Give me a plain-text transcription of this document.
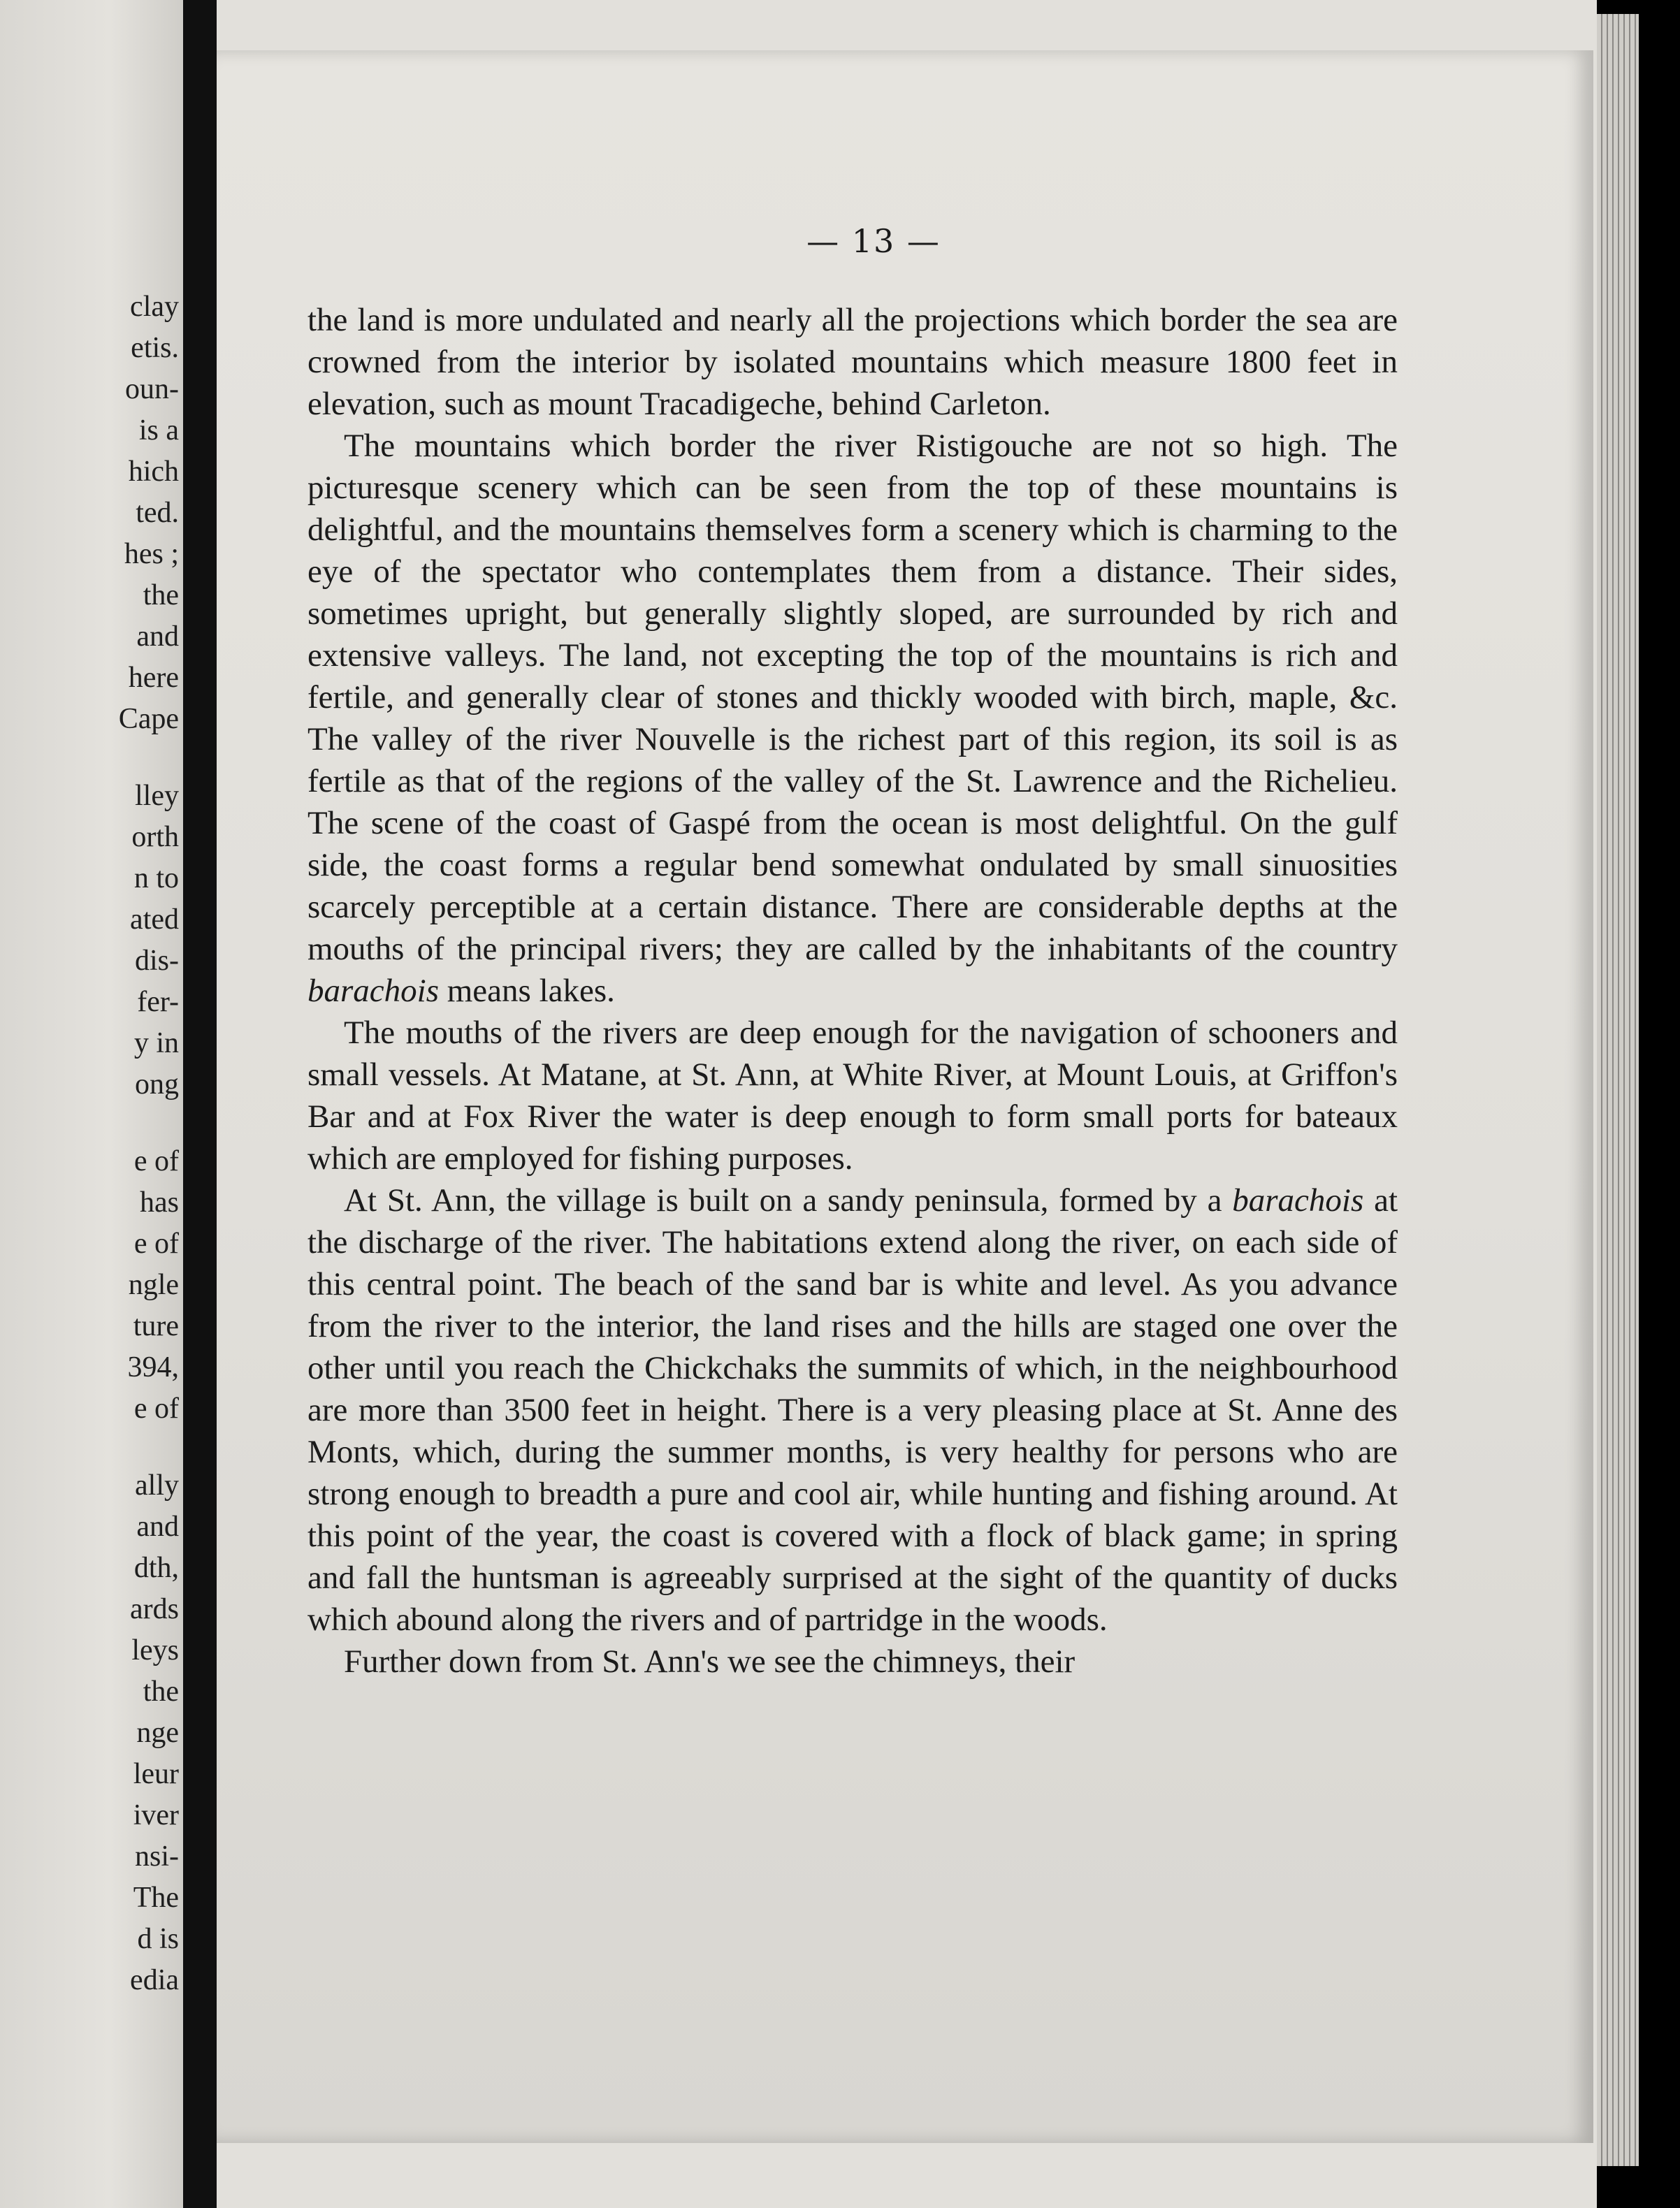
clay
etis.
oun-
is a
hich
ted.
hes ;
the
and
here
Cape
lley
orth
n to
ated
dis-
fer-
y in
ong
e of
has
e of
ngle
ture
394,
e of
ally
and
dth,
ards
leys
the
nge
leur
iver
nsi-
The
d is
edia
— 13 —

the land is more undulated and nearly all the projections which border the sea are crowned from the interior by isolated mountains which measure 1800 feet in elevation, such as mount Tracadigeche, behind Carleton.

The mountains which border the river Ristigouche are not so high. The picturesque scenery which can be seen from the top of these mountains is delightful, and the mountains themselves form a scenery which is charming to the eye of the spectator who contemplates them from a distance. Their sides, sometimes upright, but generally slightly sloped, are surrounded by rich and extensive valleys. The land, not excepting the top of the mountains is rich and fertile, and generally clear of stones and thickly wooded with birch, maple, &c. The valley of the river Nouvelle is the richest part of this region, its soil is as fertile as that of the regions of the valley of the St. Lawrence and the Richelieu. The scene of the coast of Gaspé from the ocean is most delightful. On the gulf side, the coast forms a regular bend somewhat ondulated by small sinuosities scarcely perceptible at a certain distance. There are considerable depths at the mouths of the principal rivers; they are called by the inhabitants of the country barachois means lakes.

The mouths of the rivers are deep enough for the navigation of schooners and small vessels. At Matane, at St. Ann, at White River, at Mount Louis, at Griffon's Bar and at Fox River the water is deep enough to form small ports for bateaux which are employed for fishing purposes.

At St. Ann, the village is built on a sandy peninsula, formed by a barachois at the discharge of the river. The habitations extend along the river, on each side of this central point. The beach of the sand bar is white and level. As you advance from the river to the interior, the land rises and the hills are staged one over the other until you reach the Chickchaks the summits of which, in the neighbourhood are more than 3500 feet in height. There is a very pleasing place at St. Anne des Monts, which, during the summer months, is very healthy for persons who are strong enough to breadth a pure and cool air, while hunting and fishing around. At this point of the year, the coast is covered with a flock of black game; in spring and fall the huntsman is agreeably surprised at the sight of the quantity of ducks which abound along the rivers and of partridge in the woods.

Further down from St. Ann's we see the chimneys, their
